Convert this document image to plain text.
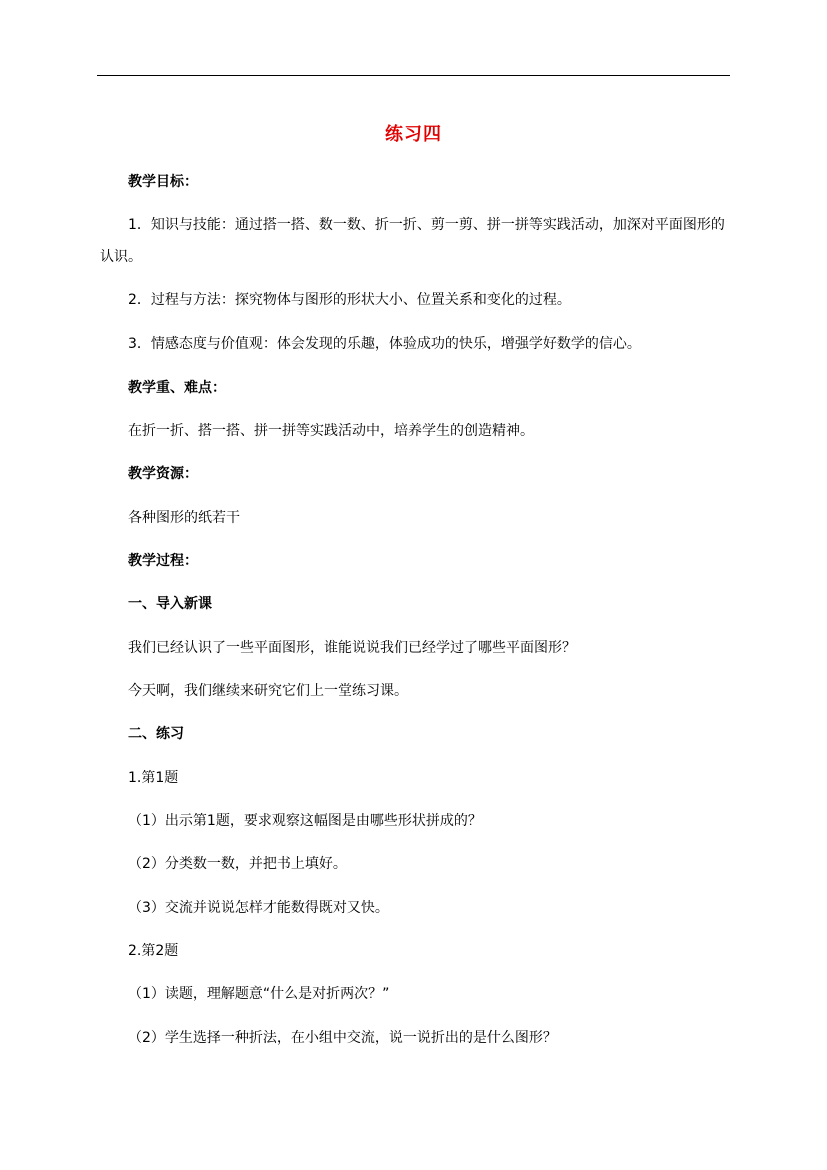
练习四
教学目标：
1．知识与技能：通过搭一搭、数一数、折一折、剪一剪、拼一拼等实践活动，加深对平面图形的认识。
2．过程与方法：探究物体与图形的形状大小、位置关系和变化的过程。
3．情感态度与价值观：体会发现的乐趣，体验成功的快乐，增强学好数学的信心。
教学重、难点：
在折一折、搭一搭、拼一拼等实践活动中，培养学生的创造精神。
教学资源：
各种图形的纸若干
教学过程：
一、导入新课
我们已经认识了一些平面图形，谁能说说我们已经学过了哪些平面图形？
今天啊，我们继续来研究它们上一堂练习课。
二、练习
1.第1题
（1）出示第1题，要求观察这幅图是由哪些形状拼成的？
（2）分类数一数，并把书上填好。
（3）交流并说说怎样才能数得既对又快。
2.第2题
（1）读题，理解题意“什么是对折两次？”
（2）学生选择一种折法，在小组中交流，说一说折出的是什么图形？
